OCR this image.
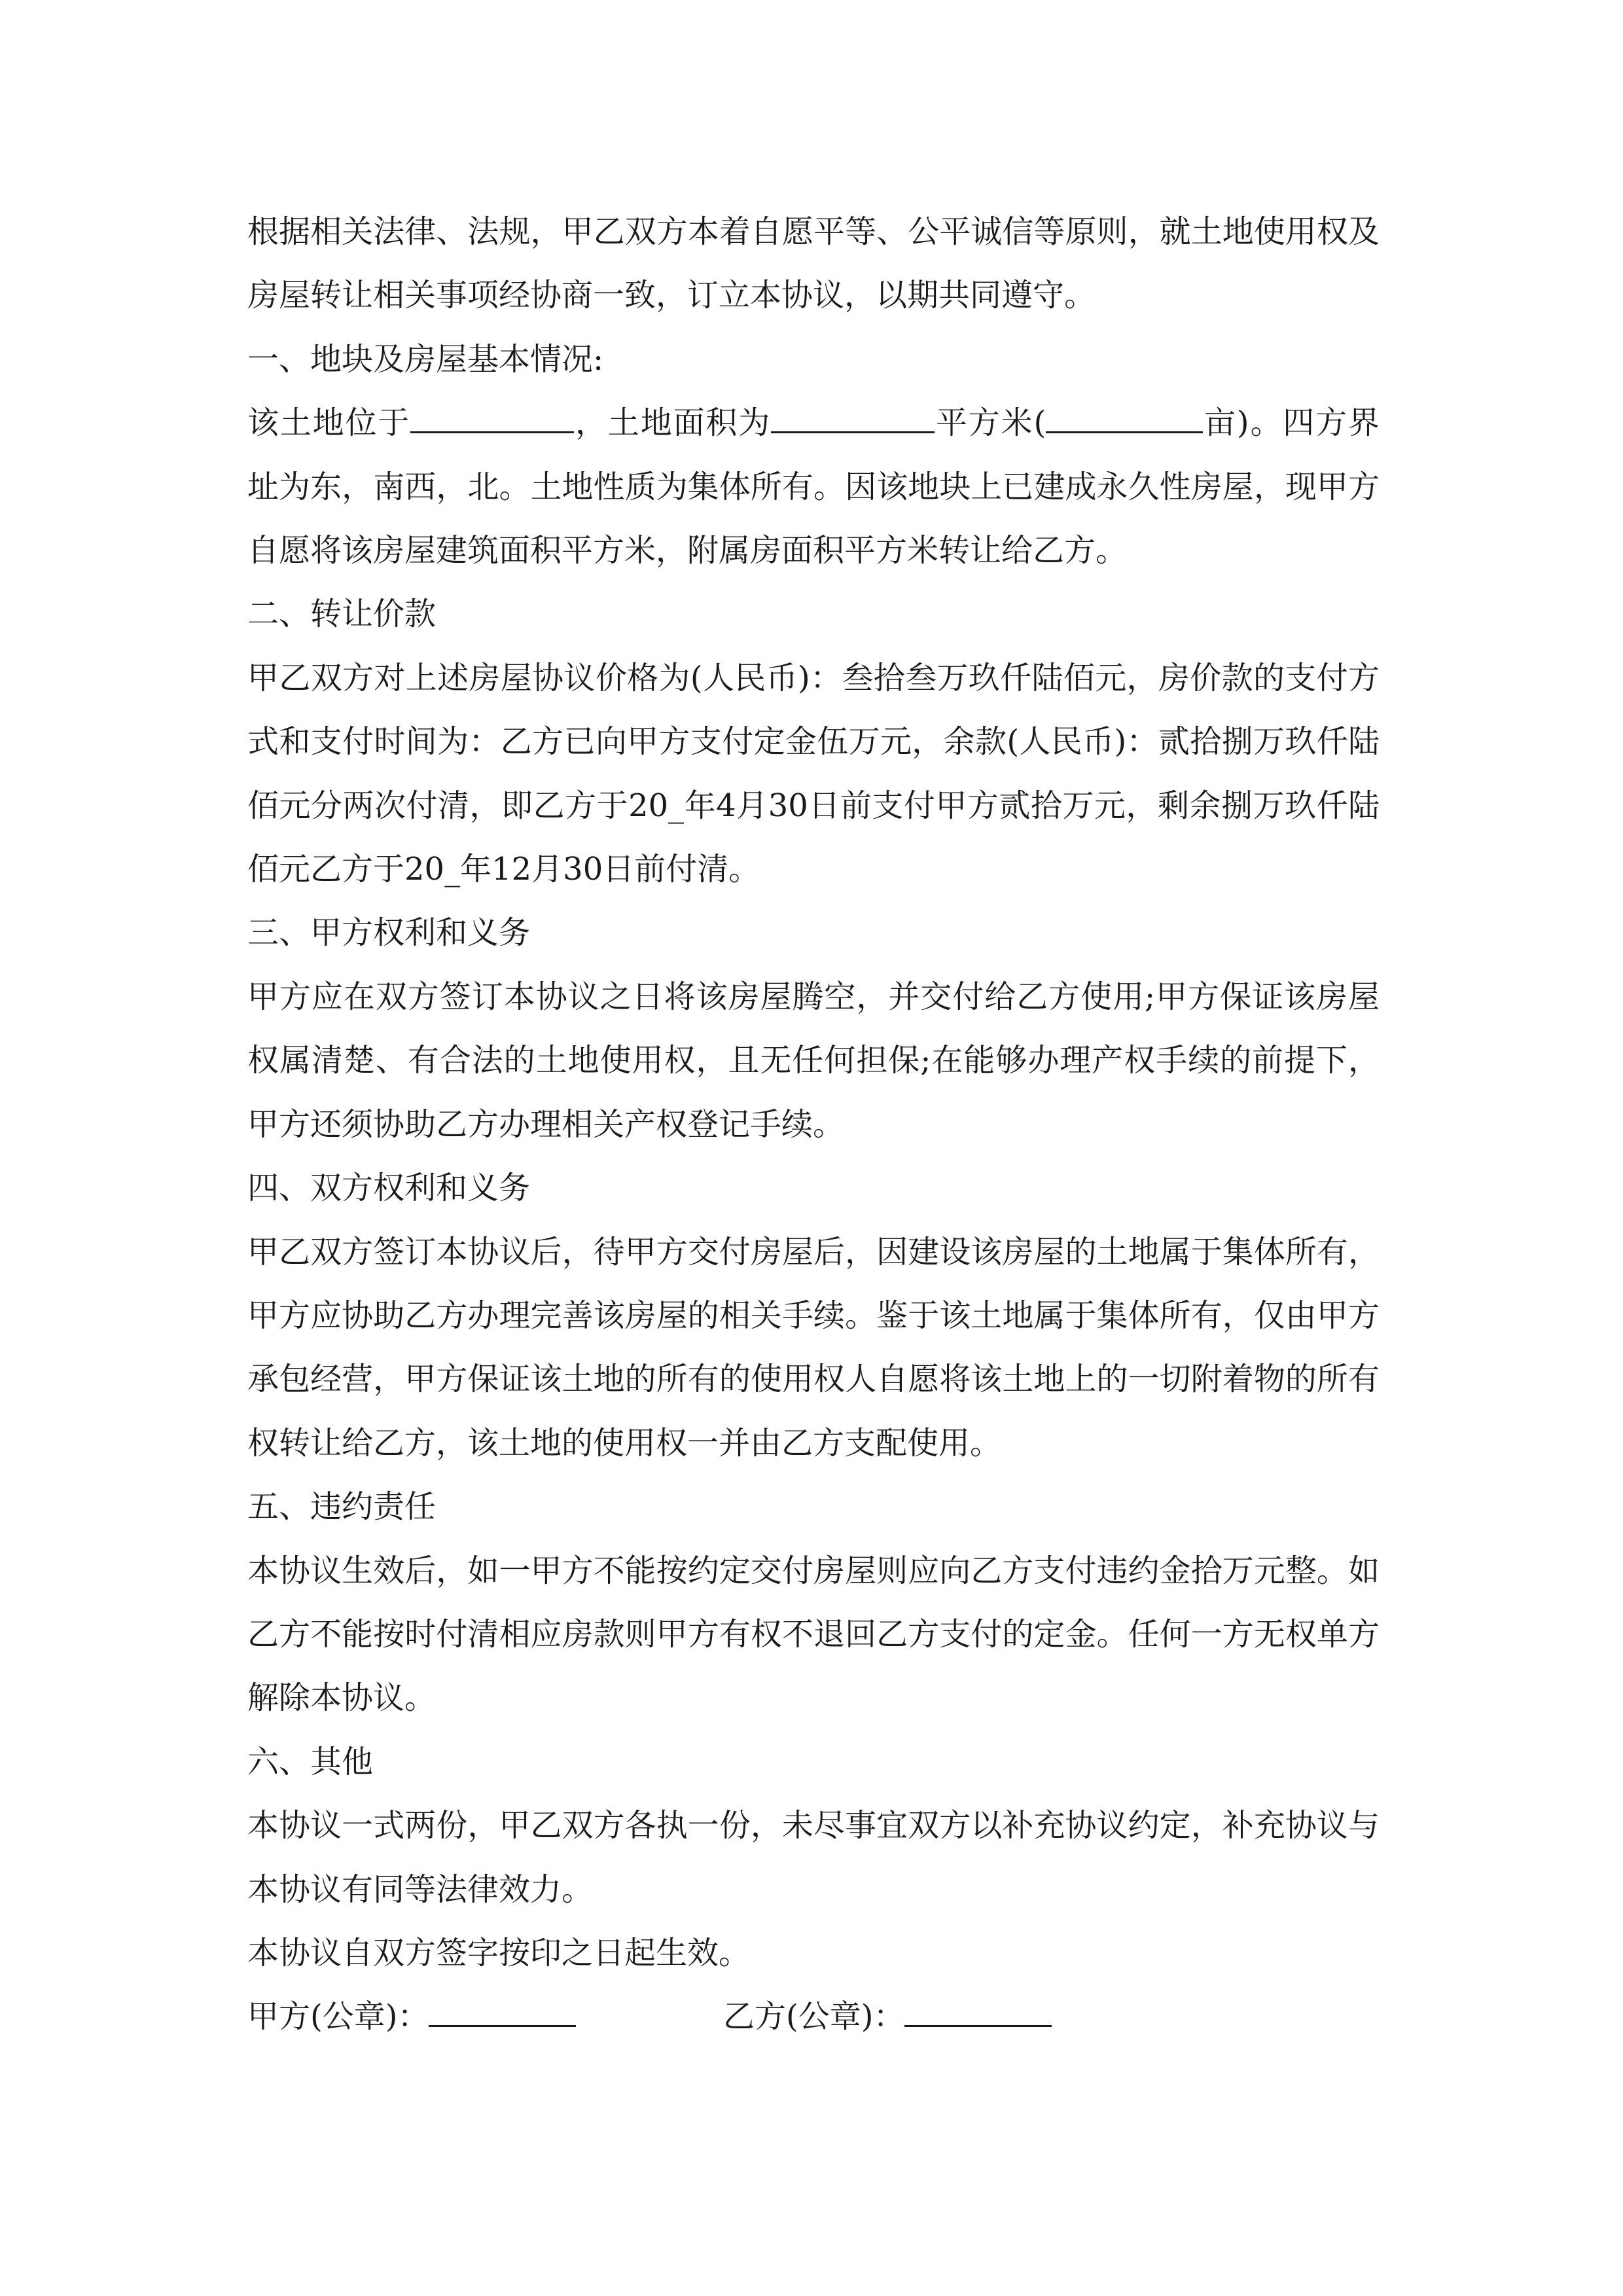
根据相关法律、法规，甲乙双方本着自愿平等、公平诚信等原则，就土地使用权及房屋转让相关事项经协商一致，订立本协议，以期共同遵守。

一、地块及房屋基本情况:

该土地位于	，土地面积为	平方米(	亩)。四方界址为东，南西，北。土地性质为集体所有。因该地块上已建成永久性房屋，现甲方自愿将该房屋建筑面积平方米，附属房面积平方米转让给乙方。

二、转让价款

甲乙双方对上述房屋协议价格为(人民币)：叁拾叁万玖仟陆佰元，房价款的支付方式和支付时间为：乙方已向甲方支付定金伍万元，余款(人民币)：贰拾捌万玖仟陆佰元分两次付清，即乙方于20_年4月30日前支付甲方贰拾万元，剩余捌万玖仟陆佰元乙方于20_年12月30日前付清。

三、甲方权利和义务

甲方应在双方签订本协议之日将该房屋腾空，并交付给乙方使用;甲方保证该房屋权属清楚、有合法的土地使用权，且无任何担保;在能够办理产权手续的前提下，甲方还须协助乙方办理相关产权登记手续。

四、双方权利和义务

甲乙双方签订本协议后，待甲方交付房屋后，因建设该房屋的土地属于集体所有，甲方应协助乙方办理完善该房屋的相关手续。鉴于该土地属于集体所有，仅由甲方承包经营，甲方保证该土地的所有的使用权人自愿将该土地上的一切附着物的所有权转让给乙方，该土地的使用权一并由乙方支配使用。

五、违约责任

本协议生效后，如一甲方不能按约定交付房屋则应向乙方支付违约金拾万元整。如乙方不能按时付清相应房款则甲方有权不退回乙方支付的定金。任何一方无权单方解除本协议。

六、其他

本协议一式两份，甲乙双方各执一份，未尽事宜双方以补充协议约定，补充协议与本协议有同等法律效力。

本协议自双方签字按印之日起生效。

甲方(公章)：	乙方(公章)：
